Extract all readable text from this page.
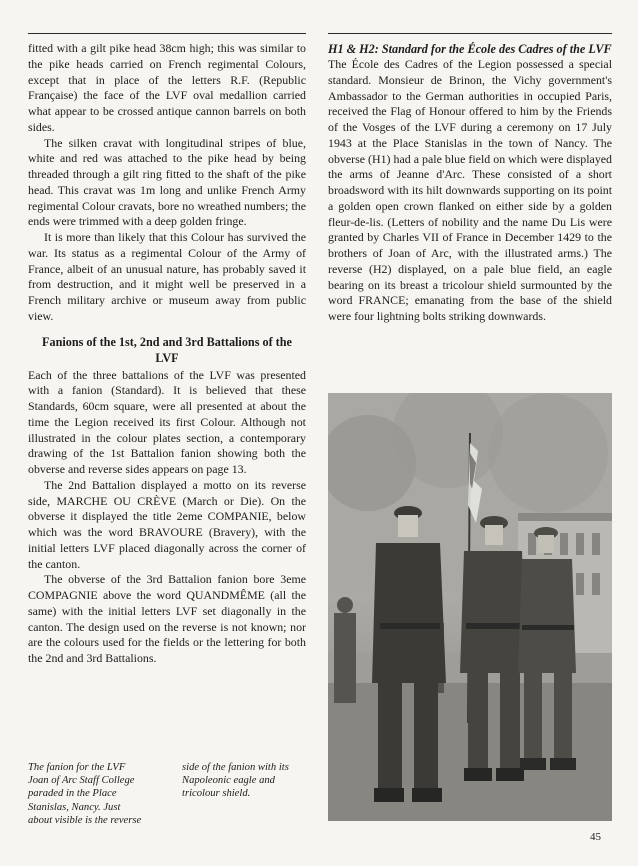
fitted with a gilt pike head 38cm high; this was similar to the pike heads carried on French regimental Colours, except that in place of the letters R.F. (Republic Française) the face of the LVF oval medallion carried what appear to be crossed antique cannon barrels on both sides.

The silken cravat with longitudinal stripes of blue, white and red was attached to the pike head by being threaded through a gilt ring fitted to the shaft of the pike head. This cravat was 1m long and unlike French Army regimental Colour cravats, bore no wreathed numbers; the ends were trimmed with a deep golden fringe.

It is more than likely that this Colour has survived the war. Its status as a regimental Colour of the Army of France, albeit of an unusual nature, has probably saved it from destruction, and it might well be preserved in a French military archive or museum away from public view.

Fanions of the 1st, 2nd and 3rd Battalions of the LVF

Each of the three battalions of the LVF was presented with a fanion (Standard). It is believed that these Standards, 60cm square, were all presented at about the time the Legion received its first Colour. Although not illustrated in the colour plates section, a contemporary drawing of the 1st Battalion fanion showing both the obverse and reverse sides appears on page 13.

The 2nd Battalion displayed a motto on its reverse side, MARCHE OU CRÈVE (March or Die). On the obverse it displayed the title 2eme COMPANIE, below which was the word BRAVOURE (Bravery), with the initial letters LVF placed diagonally across the corner of the canton.

The obverse of the 3rd Battalion fanion bore 3eme COMPAGNIE above the word QUANDMÊME (all the same) with the initial letters LVF set diagonally in the canton. The design used on the reverse is not known; nor are the colours used for the fields or the lettering for both the 2nd and 3rd Battalions.

H1 & H2: Standard for the École des Cadres of the LVF

The École des Cadres of the Legion possessed a special standard. Monsieur de Brinon, the Vichy government's Ambassador to the German authorities in occupied Paris, received the Flag of Honour offered to him by the Friends of the Vosges of the LVF during a ceremony on 17 July 1943 at the Place Stanislas in the town of Nancy. The obverse (H1) had a pale blue field on which were displayed the arms of Jeanne d'Arc. These consisted of a short broadsword with its hilt downwards supporting on its point a golden open crown flanked on either side by a golden fleur-de-lis. (Letters of nobility and the name Du Lis were granted by Charles VII of France in December 1429 to the brothers of Joan of Arc, with the illustrated arms.) The reverse (H2) displayed, on a pale blue field, an eagle bearing on its breast a tricolour shield surmounted by the word FRANCE; emanating from the base of the shield were four lightning bolts striking downwards.

The fanion for the LVF
Joan of Arc Staff College
paraded in the Place
Stanislas, Nancy. Just
about visible is the reverse
side of the fanion with its
Napoleonic eagle and
tricolour shield.
45
